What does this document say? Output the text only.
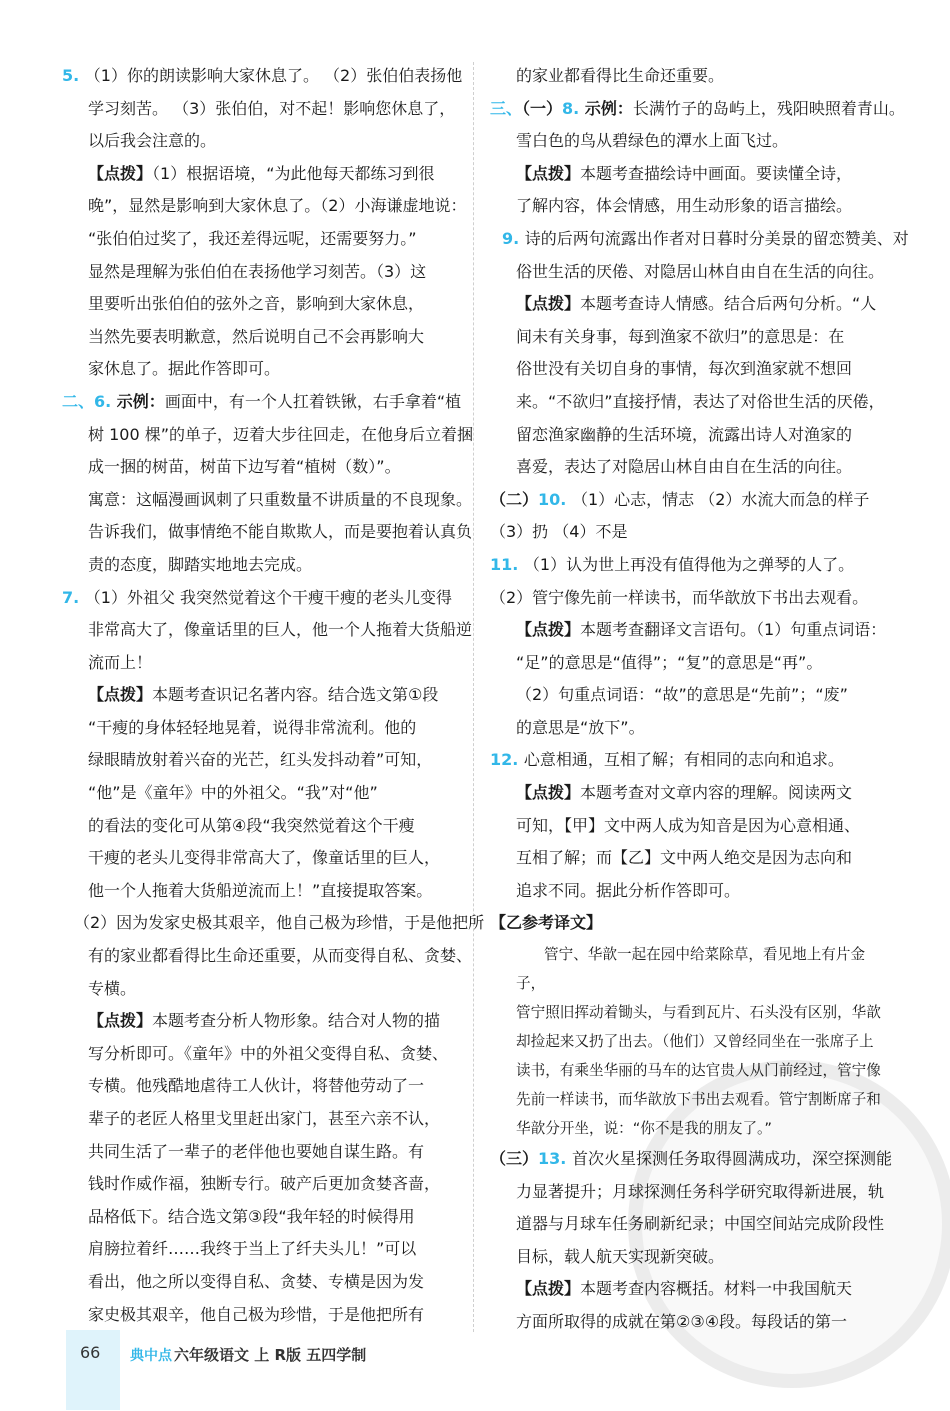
5. （1）你的朗读影响大家休息了。 （2）张伯伯表扬他
学习刻苦。 （3）张伯伯，对不起！影响您休息了，
以后我会注意的。
【点拨】（1）根据语境，“为此他每天都练习到很
晚”，显然是影响到大家休息了。（2）小海谦虚地说：
“张伯伯过奖了，我还差得远呢，还需要努力。”
显然是理解为张伯伯在表扬他学习刻苦。（3）这
里要听出张伯伯的弦外之音，影响到大家休息，
当然先要表明歉意，然后说明自己不会再影响大
家休息了。据此作答即可。
二、6. 示例：画面中，有一个人扛着铁锹，右手拿着“植
树 100 棵”的单子，迈着大步往回走，在他身后立着捆
成一捆的树苗，树苗下边写着“植树（数）”。
寓意：这幅漫画讽刺了只重数量不讲质量的不良现象。
告诉我们，做事情绝不能自欺欺人，而是要抱着认真负
责的态度，脚踏实地地去完成。
7. （1）外祖父 我突然觉着这个干瘦干瘦的老头儿变得
非常高大了，像童话里的巨人，他一个人拖着大货船逆
流而上！
【点拨】本题考查识记名著内容。结合选文第①段
“干瘦的身体轻轻地晃着，说得非常流利。他的
绿眼睛放射着兴奋的光芒，红头发抖动着”可知，
“他”是《童年》中的外祖父。“我”对“他”
的看法的变化可从第④段“我突然觉着这个干瘦
干瘦的老头儿变得非常高大了，像童话里的巨人，
他一个人拖着大货船逆流而上！”直接提取答案。
（2）因为发家史极其艰辛，他自己极为珍惜，于是他把所
有的家业都看得比生命还重要，从而变得自私、贪婪、
专横。
【点拨】本题考查分析人物形象。结合对人物的描
写分析即可。《童年》中的外祖父变得自私、贪婪、
专横。他残酷地虐待工人伙计，将替他劳动了一
辈子的老匠人格里戈里赶出家门，甚至六亲不认，
共同生活了一辈子的老伴他也要她自谋生路。有
钱时作威作福，独断专行。破产后更加贪婪吝啬，
品格低下。结合选文第③段“我年轻的时候得用
肩膀拉着纤……我终于当上了纤夫头儿！”可以
看出，他之所以变得自私、贪婪、专横是因为发
家史极其艰辛，他自己极为珍惜，于是他把所有
的家业都看得比生命还重要。
三、（一）8. 示例：长满竹子的岛屿上，残阳映照着青山。
雪白色的鸟从碧绿色的潭水上面飞过。
【点拨】本题考查描绘诗中画面。要读懂全诗，
了解内容，体会情感，用生动形象的语言描绘。
9. 诗的后两句流露出作者对日暮时分美景的留恋赞美、对
俗世生活的厌倦、对隐居山林自由自在生活的向往。
【点拨】本题考查诗人情感。结合后两句分析。“人
间未有关身事，每到渔家不欲归”的意思是：在
俗世没有关切自身的事情，每次到渔家就不想回
来。“不欲归”直接抒情，表达了对俗世生活的厌倦，
留恋渔家幽静的生活环境，流露出诗人对渔家的
喜爱，表达了对隐居山林自由自在生活的向往。
（二）10. （1）心志，情志 （2）水流大而急的样子
（3）扔 （4）不是
11. （1）认为世上再没有值得他为之弹琴的人了。
（2）管宁像先前一样读书，而华歆放下书出去观看。
【点拨】本题考查翻译文言语句。（1）句重点词语：
“足”的意思是“值得”；“复”的意思是“再”。
（2）句重点词语：“故”的意思是“先前”；“废”
的意思是“放下”。
12. 心意相通，互相了解；有相同的志向和追求。
【点拨】本题考查对文章内容的理解。阅读两文
可知，【甲】文中两人成为知音是因为心意相通、
互相了解；而【乙】文中两人绝交是因为志向和
追求不同。据此分析作答即可。
【乙参考译文】
管宁、华歆一起在园中给菜除草，看见地上有片金子，
管宁照旧挥动着锄头，与看到瓦片、石头没有区别，华歆
却捡起来又扔了出去。（他们）又曾经同坐在一张席子上
读书，有乘坐华丽的马车的达官贵人从门前经过，管宁像
先前一样读书，而华歆放下书出去观看。管宁割断席子和
华歆分开坐，说：“你不是我的朋友了。”
（三）13. 首次火星探测任务取得圆满成功，深空探测能
力显著提升；月球探测任务科学研究取得新进展，轨
道器与月球车任务刷新纪录；中国空间站完成阶段性
目标，载人航天实现新突破。
【点拨】本题考查内容概括。材料一中我国航天
方面所取得的成就在第②③④段。每段话的第一
66 典中点 六年级语文 上 R版 五四学制
